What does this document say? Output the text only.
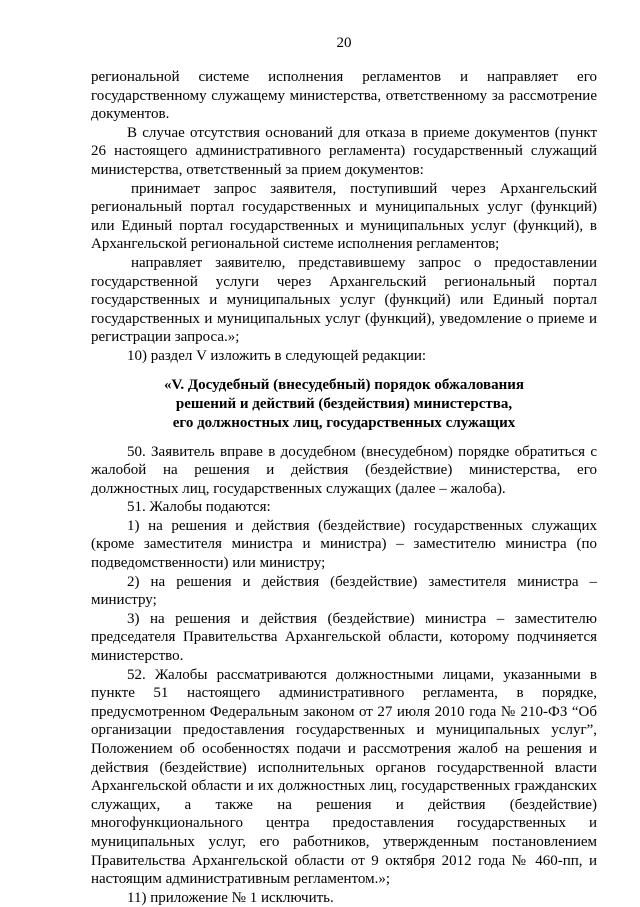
20

региональной системе исполнения регламентов и направляет его государственному служащему министерства, ответственному за рассмотрение документов.

В случае отсутствия оснований для отказа в приеме документов (пункт 26 настоящего административного регламента) государственный служащий министерства, ответственный за прием документов:

принимает запрос заявителя, поступивший через Архангельский региональный портал государственных и муниципальных услуг (функций) или Единый портал государственных и муниципальных услуг (функций), в Архангельской региональной системе исполнения регламентов;

направляет заявителю, представившему запрос о предоставлении государственной услуги через Архангельский региональный портал государственных и муниципальных услуг (функций) или Единый портал государственных и муниципальных услуг (функций), уведомление о приеме и регистрации запроса.»;

10) раздел V изложить в следующей редакции:

«V. Досудебный (внесудебный) порядок обжалования
решений и действий (бездействия) министерства,
его должностных лиц, государственных служащих

50. Заявитель вправе в досудебном (внесудебном) порядке обратиться с жалобой на решения и действия (бездействие) министерства, его должностных лиц, государственных служащих (далее – жалоба).

51. Жалобы подаются:

1) на решения и действия (бездействие) государственных служащих (кроме заместителя министра и министра) – заместителю министра (по подведомственности) или министру;

2) на решения и действия (бездействие) заместителя министра – министру;

3) на решения и действия (бездействие) министра – заместителю председателя Правительства Архангельской области, которому подчиняется министерство.

52. Жалобы рассматриваются должностными лицами, указанными в пункте 51 настоящего административного регламента, в порядке, предусмотренном Федеральным законом от 27 июля 2010 года № 210-ФЗ “Об организации предоставления государственных и муниципальных услуг”, Положением об особенностях подачи и рассмотрения жалоб на решения и действия (бездействие) исполнительных органов государственной власти Архангельской области и их должностных лиц, государственных гражданских служащих, а также на решения и действия (бездействие) многофункционального центра предоставления государственных и муниципальных услуг, его работников, утвержденным постановлением Правительства Архангельской области от 9 октября 2012 года № 460-пп, и настоящим административным регламентом.»;

11) приложение № 1 исключить.
